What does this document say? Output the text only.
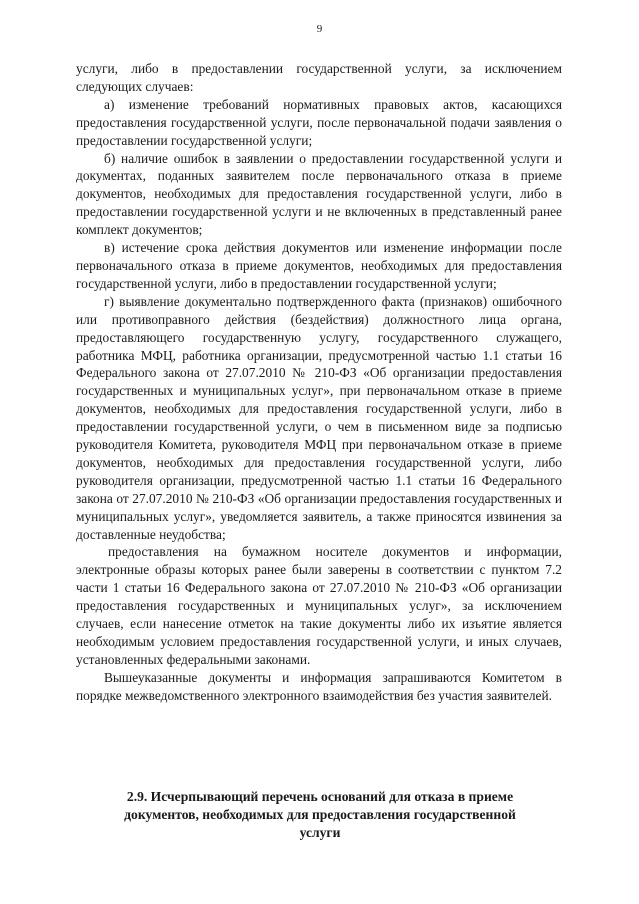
9

услуги, либо в предоставлении государственной услуги, за исключением следующих случаев:

а) изменение требований нормативных правовых актов, касающихся предоставления государственной услуги, после первоначальной подачи заявления о предоставлении государственной услуги;

б) наличие ошибок в заявлении о предоставлении государственной услуги и документах, поданных заявителем после первоначального отказа в приеме документов, необходимых для предоставления государственной услуги, либо в предоставлении государственной услуги и не включенных в представленный ранее комплект документов;

в) истечение срока действия документов или изменение информации после первоначального отказа в приеме документов, необходимых для предоставления государственной услуги, либо в предоставлении государственной услуги;

г) выявление документально подтвержденного факта (признаков) ошибочного или противоправного действия (бездействия) должностного лица органа, предоставляющего государственную услугу, государственного служащего, работника МФЦ, работника организации, предусмотренной частью 1.1 статьи 16 Федерального закона от 27.07.2010 № 210-ФЗ «Об организации предоставления государственных и муниципальных услуг», при первоначальном отказе в приеме документов, необходимых для предоставления государственной услуги, либо в предоставлении государственной услуги, о чем в письменном виде за подписью руководителя Комитета, руководителя МФЦ при первоначальном отказе в приеме документов, необходимых для предоставления государственной услуги, либо руководителя организации, предусмотренной частью 1.1 статьи 16 Федерального закона от 27.07.2010 № 210-ФЗ «Об организации предоставления государственных и муниципальных услуг», уведомляется заявитель, а также приносятся извинения за доставленные неудобства;

предоставления на бумажном носителе документов и информации, электронные образы которых ранее были заверены в соответствии с пунктом 7.2 части 1 статьи 16 Федерального закона от 27.07.2010 № 210-ФЗ «Об организации предоставления государственных и муниципальных услуг», за исключением случаев, если нанесение отметок на такие документы либо их изъятие является необходимым условием предоставления государственной услуги, и иных случаев, установленных федеральными законами.

Вышеуказанные документы и информация запрашиваются Комитетом в порядке межведомственного электронного взаимодействия без участия заявителей.

2.9. Исчерпывающий перечень оснований для отказа в приеме
документов, необходимых для предоставления государственной
услуги
